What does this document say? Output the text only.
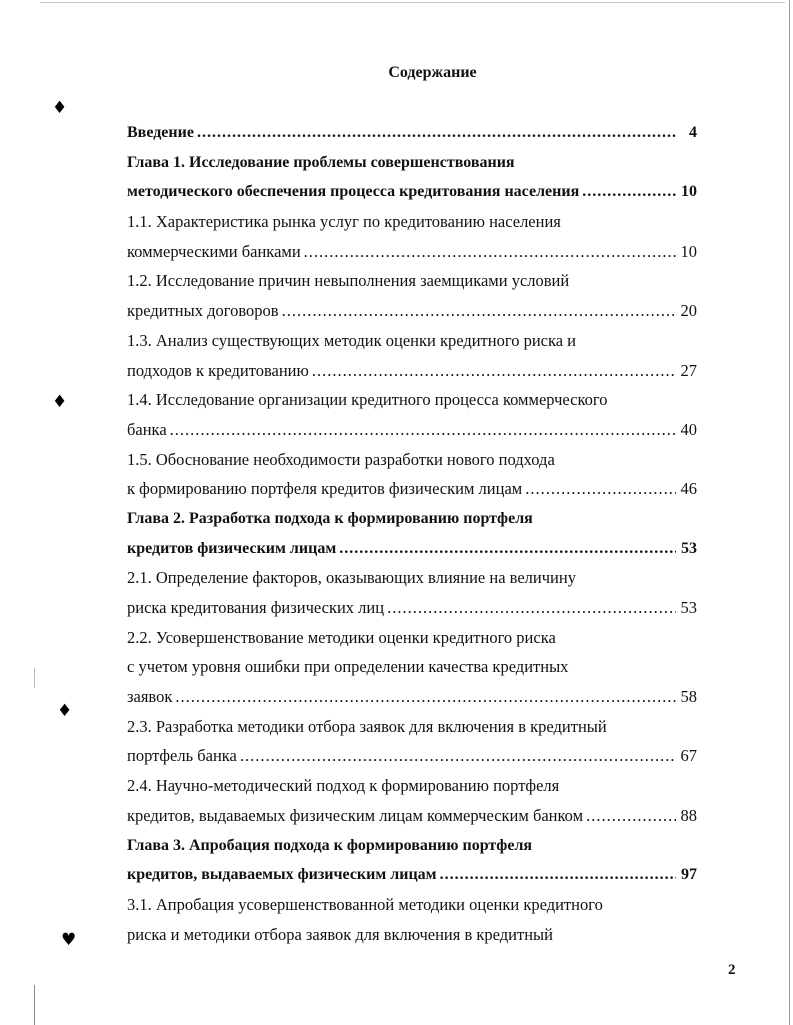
♦
♦
♦
♥
Содержание
Введение .....	4
Глава 1. Исследование проблемы совершенствования
методического обеспечения процесса кредитования населения .....	10
1.1. Характеристика рынка услуг по кредитованию населения
коммерческими банками .....	10
1.2. Исследование причин невыполнения заемщиками условий
кредитных договоров .....	20
1.3. Анализ существующих методик оценки кредитного риска и
подходов к кредитованию .....	27
1.4. Исследование организации кредитного процесса коммерческого
банка .....	40
1.5. Обоснование необходимости разработки нового подхода
к формированию портфеля кредитов физическим лицам .....	46
Глава 2. Разработка подхода к формированию портфеля
кредитов физическим лицам .....	53
2.1. Определение факторов, оказывающих влияние на величину
риска кредитования физических лиц .....	53
2.2. Усовершенствование методики оценки кредитного риска
с учетом уровня ошибки при определении качества кредитных
заявок .....	58
2.3. Разработка методики отбора заявок для включения в кредитный
портфель банка .....	67
2.4. Научно-методический подход к формированию портфеля
кредитов, выдаваемых физическим лицам коммерческим банком .....	88
Глава 3. Апробация подхода к формированию портфеля
кредитов, выдаваемых физическим лицам .....	97
3.1. Апробация усовершенствованной методики оценки кредитного
риска и методики отбора заявок для включения в кредитный
2
